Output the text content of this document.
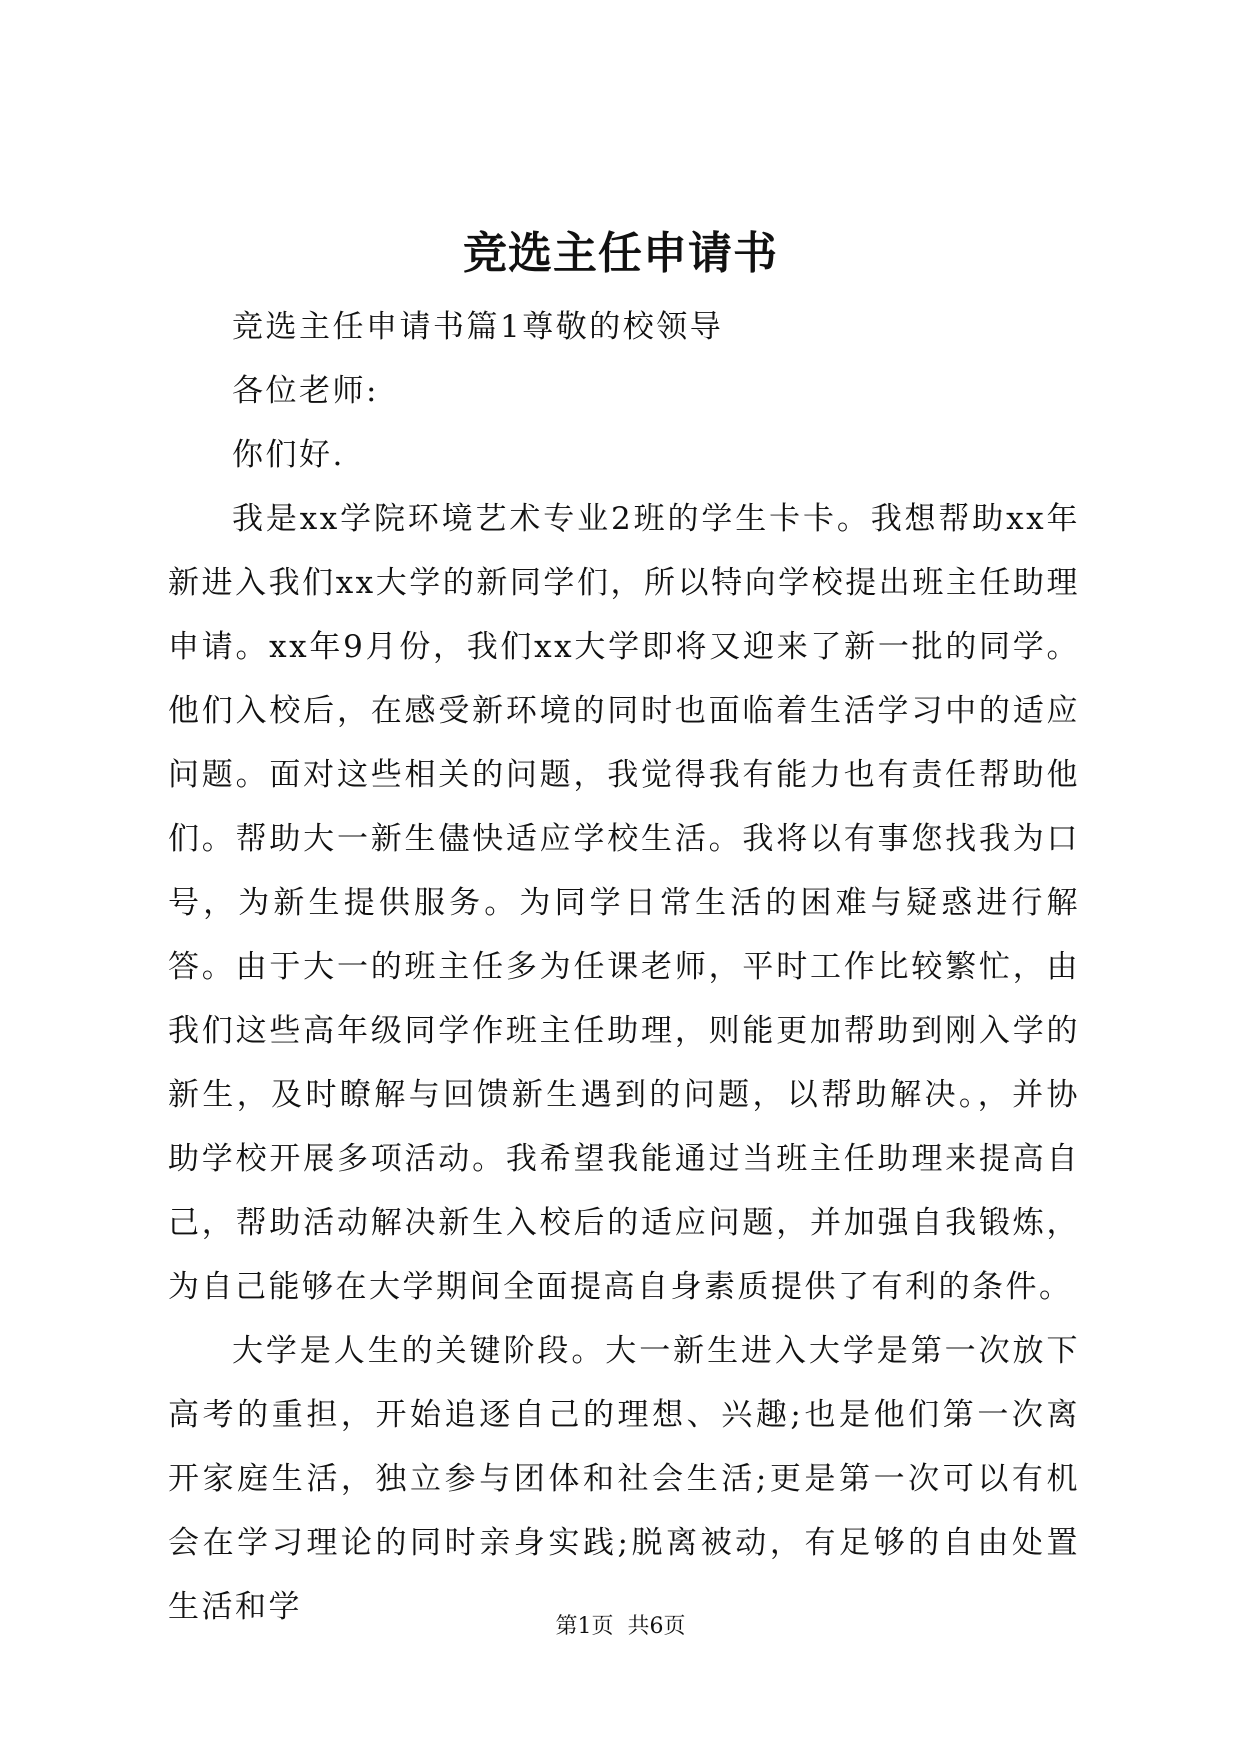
竞选主任申请书

竞选主任申请书篇1尊敬的校领导

各位老师:

你们好.

我是xx学院环境艺术专业2班的学生卡卡。我想帮助xx年新进入我们xx大学的新同学们，所以特向学校提出班主任助理申请。xx年9月份，我们xx大学即将又迎来了新一批的同学。他们入校后，在感受新环境的同时也面临着生活学习中的适应问题。面对这些相关的问题，我觉得我有能力也有责任帮助他们。帮助大一新生儘快适应学校生活。我将以有事您找我为口号，为新生提供服务。为同学日常生活的困难与疑惑进行解答。由于大一的班主任多为任课老师，平时工作比较繁忙，由我们这些高年级同学作班主任助理，则能更加帮助到刚入学的新生，及时瞭解与回馈新生遇到的问题，以帮助解决。，并协助学校开展多项活动。我希望我能通过当班主任助理来提高自己，帮助活动解决新生入校后的适应问题，并加强自我锻炼，为自己能够在大学期间全面提高自身素质提供了有利的条件。

大学是人生的关键阶段。大一新生进入大学是第一次放下高考的重担，开始追逐自己的理想、兴趣;也是他们第一次离开家庭生活，独立参与团体和社会生活;更是第一次可以有机会在学习理论的同时亲身实践;脱离被动，有足够的自由处置生活和学

第1页 共6页
